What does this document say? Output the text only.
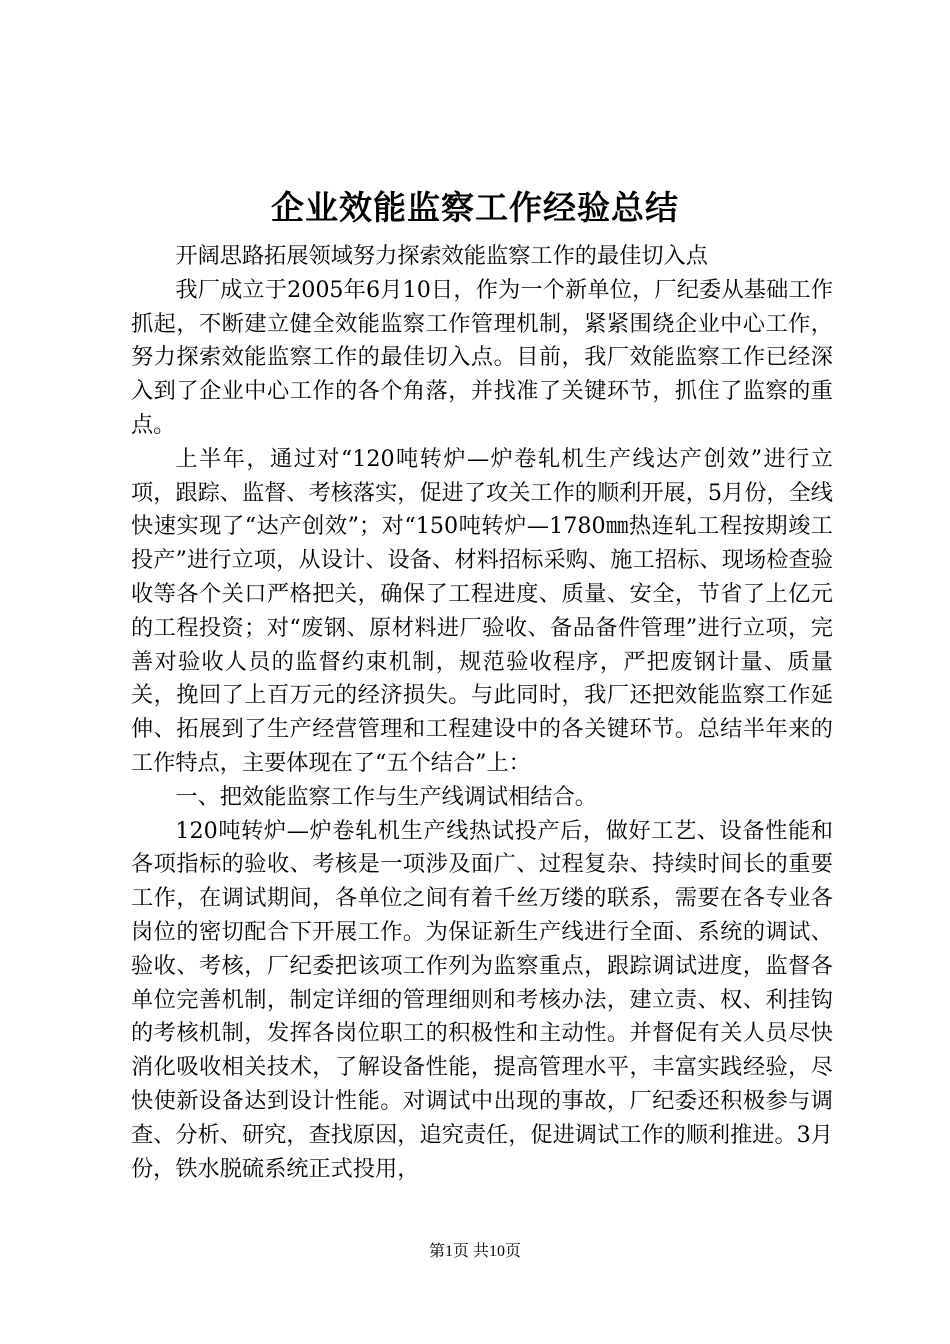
企业效能监察工作经验总结

开阔思路拓展领域努力探索效能监察工作的最佳切入点

我厂成立于2005年6月10日，作为一个新单位，厂纪委从基础工作抓起，不断建立健全效能监察工作管理机制，紧紧围绕企业中心工作，努力探索效能监察工作的最佳切入点。目前，我厂效能监察工作已经深入到了企业中心工作的各个角落，并找准了关键环节，抓住了监察的重点。

上半年，通过对“120吨转炉—炉卷轧机生产线达产创效”进行立项，跟踪、监督、考核落实，促进了攻关工作的顺利开展，5月份，全线快速实现了“达产创效”；对“150吨转炉—1780㎜热连轧工程按期竣工投产”进行立项，从设计、设备、材料招标采购、施工招标、现场检查验收等各个关口严格把关，确保了工程进度、质量、安全，节省了上亿元的工程投资；对“废钢、原材料进厂验收、备品备件管理”进行立项，完善对验收人员的监督约束机制，规范验收程序，严把废钢计量、质量关，挽回了上百万元的经济损失。与此同时，我厂还把效能监察工作延伸、拓展到了生产经营管理和工程建设中的各关键环节。总结半年来的工作特点，主要体现在了“五个结合”上：

一、把效能监察工作与生产线调试相结合。

120吨转炉—炉卷轧机生产线热试投产后，做好工艺、设备性能和各项指标的验收、考核是一项涉及面广、过程复杂、持续时间长的重要工作，在调试期间，各单位之间有着千丝万缕的联系，需要在各专业各岗位的密切配合下开展工作。为保证新生产线进行全面、系统的调试、验收、考核，厂纪委把该项工作列为监察重点，跟踪调试进度，监督各单位完善机制，制定详细的管理细则和考核办法，建立责、权、利挂钩的考核机制，发挥各岗位职工的积极性和主动性。并督促有关人员尽快消化吸收相关技术，了解设备性能，提高管理水平，丰富实践经验，尽快使新设备达到设计性能。对调试中出现的事故，厂纪委还积极参与调查、分析、研究，查找原因，追究责任，促进调试工作的顺利推进。3月份，铁水脱硫系统正式投用，

第1页 共10页
